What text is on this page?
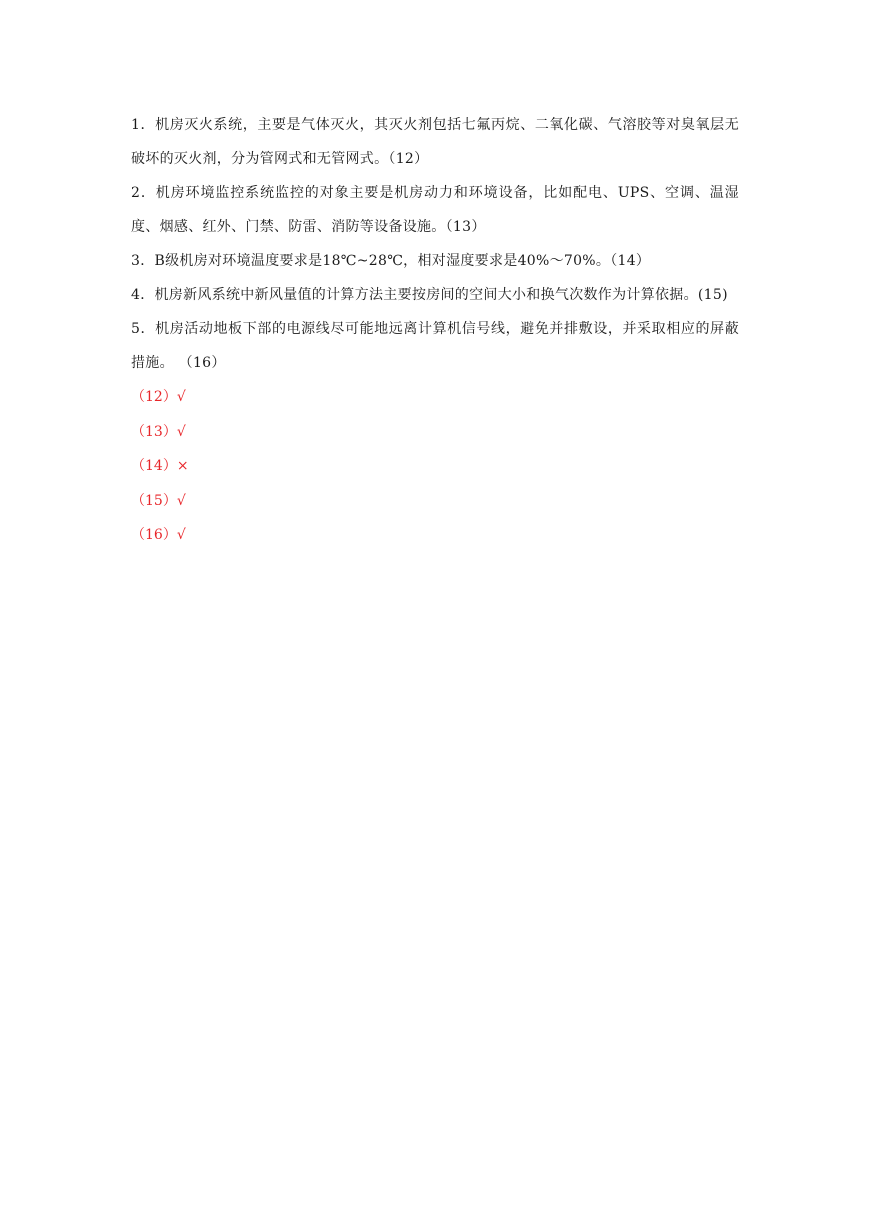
1．机房灭火系统，主要是气体灭火，其灭火剂包括七氟丙烷、二氧化碳、气溶胶等对臭氧层无破坏的灭火剂，分为管网式和无管网式。（12）

2．机房环境监控系统监控的对象主要是机房动力和环境设备，比如配电、UPS、空调、温湿度、烟感、红外、门禁、防雷、消防等设备设施。（13）

3．B级机房对环境温度要求是18℃~28℃，相对湿度要求是40%～70%。（14）

4．机房新风系统中新风量值的计算方法主要按房间的空间大小和换气次数作为计算依据。(15)

5．机房活动地板下部的电源线尽可能地远离计算机信号线，避免并排敷设，并采取相应的屏蔽措施。 （16）

（12）√

（13）√

（14）×

（15）√

（16）√
